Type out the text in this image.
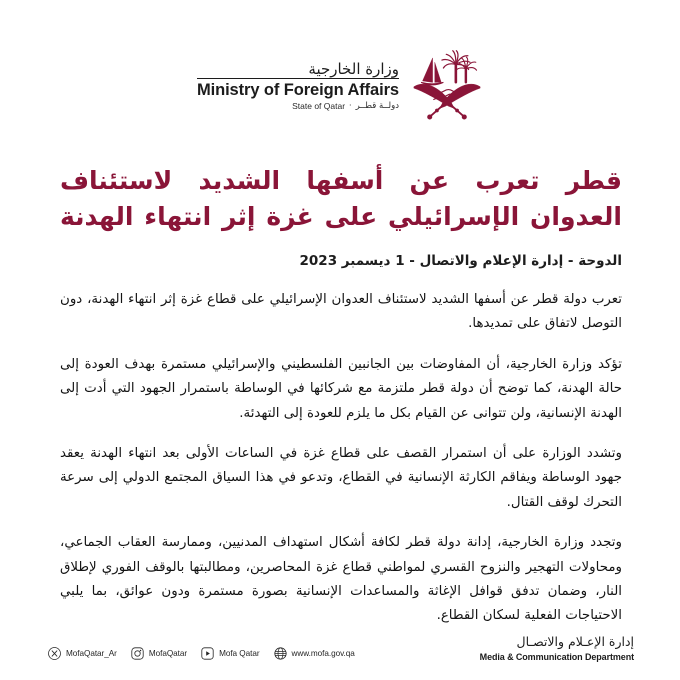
وزارة الخارجية
Ministry of Foreign Affairs
State of Qatar · دولــة قطــر
قطر تعرب عن أسفها الشديد لاستئناف العدوان الإسرائيلي على غزة إثر انتهاء الهدنة
الدوحة - إدارة الإعلام والاتصال - 1 ديسمبر 2023

تعرب دولة قطر عن أسفها الشديد لاستئناف العدوان الإسرائيلي على قطاع غزة إثر انتهاء الهدنة، دون التوصل لاتفاق على تمديدها.

تؤكد وزارة الخارجية، أن المفاوضات بين الجانبين الفلسطيني والإسرائيلي مستمرة بهدف العودة إلى حالة الهدنة، كما توضح أن دولة قطر ملتزمة مع شركائها في الوساطة باستمرار الجهود التي أدت إلى الهدنة الإنسانية، ولن تتوانى عن القيام بكل ما يلزم للعودة إلى التهدئة.

وتشدد الوزارة على أن استمرار القصف على قطاع غزة في الساعات الأولى بعد انتهاء الهدنة يعقد جهود الوساطة ويفاقم الكارثة الإنسانية في القطاع، وتدعو في هذا السياق المجتمع الدولي إلى سرعة التحرك لوقف القتال.

وتجدد وزارة الخارجية، إدانة دولة قطر لكافة أشكال استهداف المدنيين، وممارسة العقاب الجماعي، ومحاولات التهجير والنزوح القسري لمواطني قطاع غزة المحاصرين، ومطالبتها بالوقف الفوري لإطلاق النار، وضمان تدفق قوافل الإغاثة والمساعدات الإنسانية بصورة مستمرة ودون عوائق، بما يلبي الاحتياجات الفعلية لسكان القطاع.

MofaQatar_Ar	MofaQatar	Mofa Qatar	www.mofa.gov.qa
إدارة الإعـلام والاتصـال
Media & Communication Department
